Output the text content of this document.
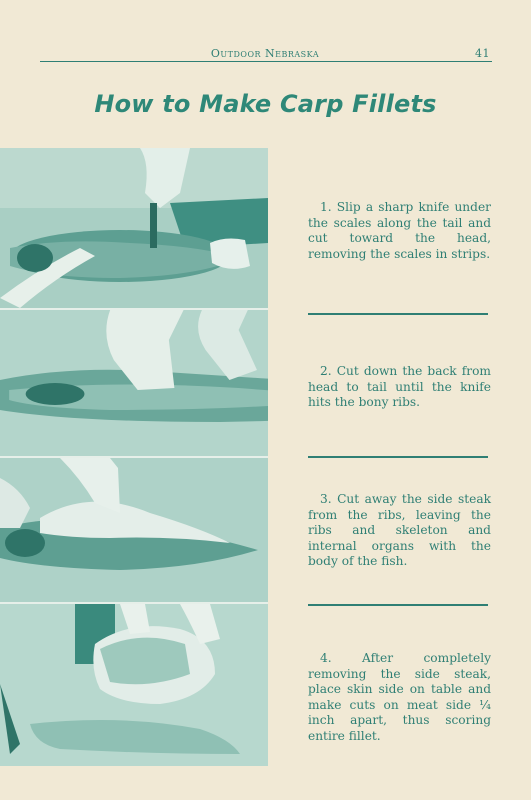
Outdoor Nebraska	41
How to Make Carp Fillets
1. Slip a sharp knife under the scales along the tail and cut toward the head, removing the scales in strips.
2. Cut down the back from head to tail until the knife hits the bony ribs.
3. Cut away the side steak from the ribs, leaving the ribs and skeleton and internal organs with the body of the fish.
4. After completely removing the side steak, place skin side on table and make cuts on meat side ¼ inch apart, thus scoring entire fillet.
